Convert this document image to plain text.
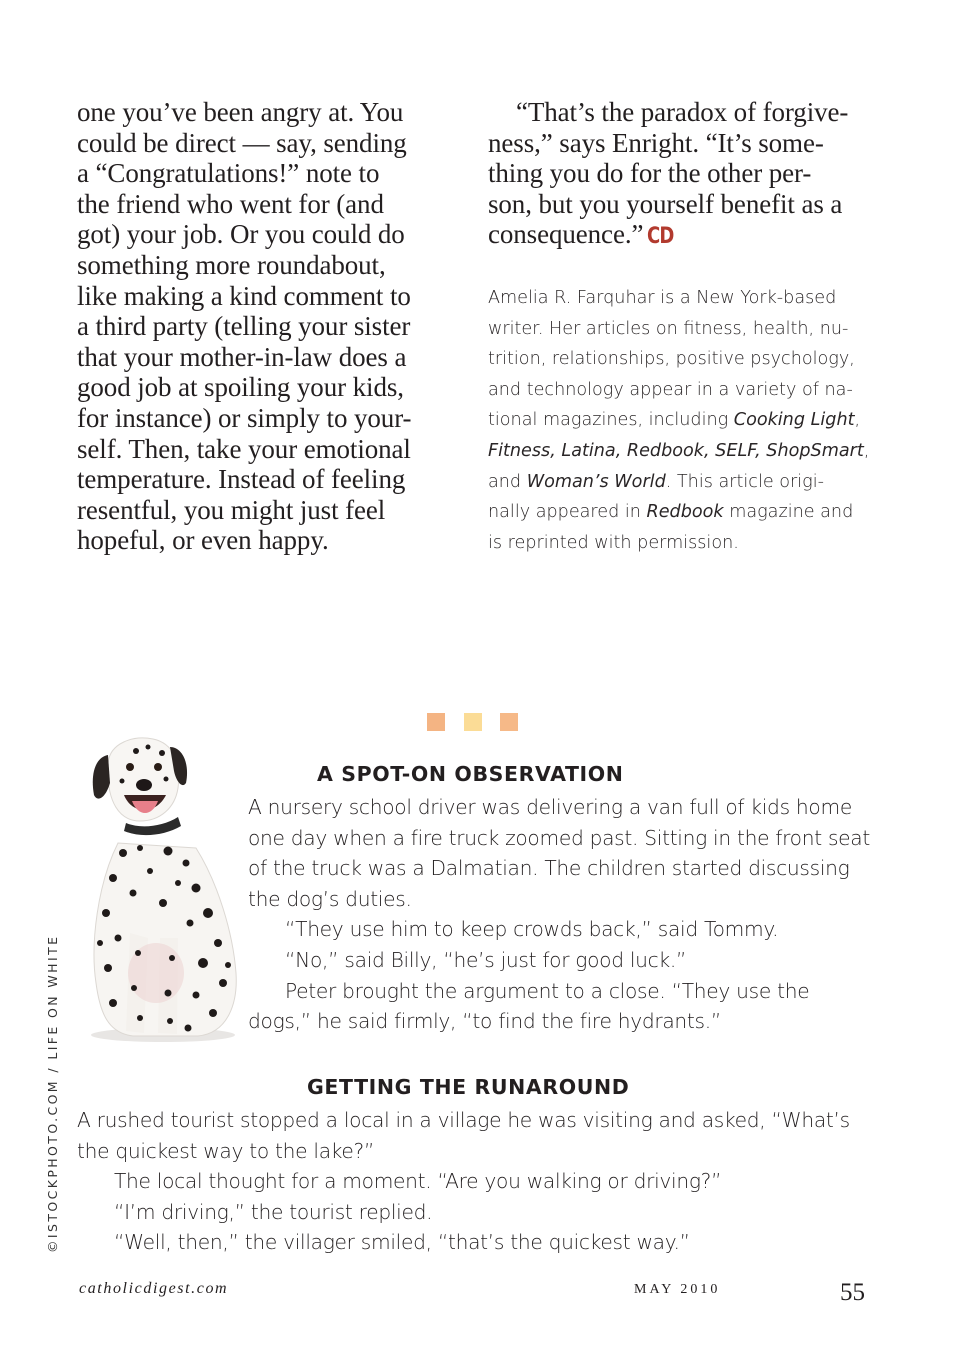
one you’ve been angry at. You
could be direct — say, sending
a “Congratulations!” note to
the friend who went for (and
got) your job. Or you could do
something more roundabout,
like making a kind comment to
a third party (telling your sister
that your mother-in-law does a
good job at spoiling your kids,
for instance) or simply to your-
self. Then, take your emotional
temperature. Instead of feeling
resentful, you might just feel
hopeful, or even happy.
“That’s the paradox of forgive-
ness,” says Enright. “It’s some-
thing you do for the other per-
son, but you yourself benefit as a
consequence.” CD
Amelia R. Farquhar is a New York-based
writer. Her articles on fitness, health, nu-
trition, relationships, positive psychology,
and technology appear in a variety of na-
tional magazines, including Cooking Light,
Fitness, Latina, Redbook, SELF, ShopSmart,
and Woman’s World. This article origi-
nally appeared in Redbook magazine and
is reprinted with permission.
©ISTOCKPHOTO.COM / LIFE ON WHITE
A SPOT-ON OBSERVATION
A nursery school driver was delivering a van full of kids home
one day when a fire truck zoomed past. Sitting in the front seat
of the truck was a Dalmatian. The children started discussing
the dog’s duties.
“They use him to keep crowds back,” said Tommy.
“No,” said Billy, “he’s just for good luck.”
Peter brought the argument to a close. “They use the
dogs,” he said firmly, “to find the fire hydrants.”
GETTING THE RUNAROUND
A rushed tourist stopped a local in a village he was visiting and asked, “What’s
the quickest way to the lake?”
The local thought for a moment. “Are you walking or driving?”
“I’m driving,” the tourist replied.
“Well, then,” the villager smiled, “that’s the quickest way.”
catholicdigest.com	MAY 2010	55
